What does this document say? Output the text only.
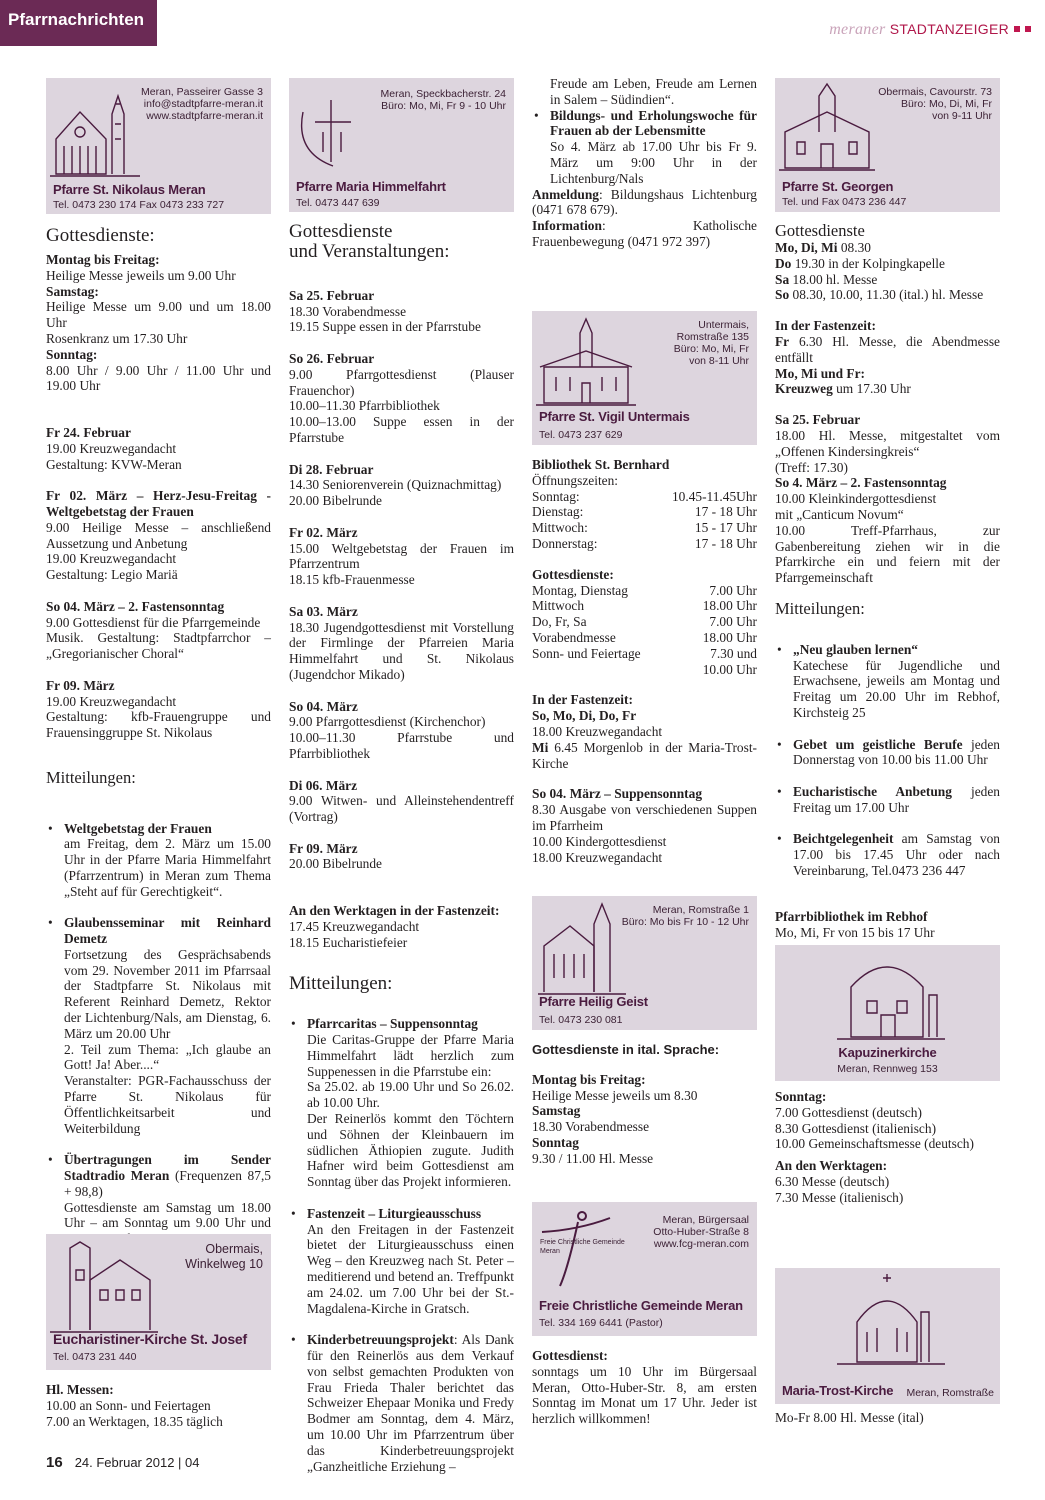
Pfarrnachrichten
meraner STADTANZEIGER
Meran, Passeirer Gasse 3
info@stadtpfarre-meran.it
www.stadtpfarre-meran.it
Pfarre St. Nikolaus Meran
Tel. 0473 230 174 Fax 0473 233 727
Gottesdienste:
Montag bis Freitag:
Heilige Messe jeweils um 9.00 Uhr
Samstag:
Heilige Messe um 9.00 und um 18.00 Uhr
Rosenkranz um 17.30 Uhr
Sonntag:
8.00 Uhr / 9.00 Uhr / 11.00 Uhr und 19.00 Uhr

Fr 24. Februar
19.00 Kreuzwegandacht
Gestaltung: KVW-Meran

Fr 02. März – Herz-Jesu-Freitag - Weltgebetstag der Frauen
9.00 Heilige Messe – anschließend Aussetzung und Anbetung
19.00 Kreuzwegandacht
Gestaltung: Legio Mariä

So 04. März – 2. Fastensonntag
9.00 Gottesdienst für die Pfarrgemeinde
Musik. Gestaltung: Stadtpfarrchor – „Gregorianischer Choral“

Fr 09. März
19.00 Kreuzwegandacht
Gestaltung: kfb-Frauengruppe und Frauensinggruppe St. Nikolaus

Mitteilungen:

• Weltgebetstag der Frauen
am Freitag, dem 2. März um 15.00 Uhr in der Pfarre Maria Himmelfahrt (Pfarrzentrum) in Meran zum Thema „Steht auf für Gerechtigkeit“.

• Glaubensseminar mit Reinhard Demetz
Fortsetzung des Gesprächsabends vom 29. November 2011 im Pfarrsaal der Stadtpfarre St. Nikolaus mit Referent Reinhard Demetz, Rektor der Lichtenburg/Nals, am Dienstag, 6. März um 20.00 Uhr
2. Teil zum Thema: „Ich glaube an Gott! Ja! Aber....“
Veranstalter: PGR-Fachausschuss der Pfarre St. Nikolaus für Öffentlichkeitsarbeit und Weiterbildung

• Übertragungen im Sender Stadtradio Meran (Frequenzen 87,5 + 98,8)
Gottesdienste am Samstag um 18.00 Uhr – am Sonntag um 9.00 Uhr und

Obermais,
Winkelweg 10
Eucharistiner-Kirche St. Josef
Tel. 0473 231 440
Hl. Messen:
10.00 an Sonn- und Feiertagen
7.00 an Werktagen, 18.35 täglich
Meran, Speckbacherstr. 24
Büro: Mo, Mi, Fr 9 - 10 Uhr
Pfarre Maria Himmelfahrt
Tel. 0473 447 639
Gottesdienste
und Veranstaltungen:

Sa 25. Februar
18.30 Vorabendmesse
19.15 Suppe essen in der Pfarrstube

So 26. Februar
9.00 Pfarrgottesdienst (Plauser Frauenchor)
10.00–11.30 Pfarrbibliothek
10.00–13.00 Suppe essen in der Pfarrstube

Di 28. Februar
14.30 Seniorenverein (Quiznachmittag)
20.00 Bibelrunde

Fr 02. März
15.00 Weltgebetstag der Frauen im Pfarrzentrum
18.15 kfb-Frauenmesse

Sa 03. März
18.30 Jugendgottesdienst mit Vorstellung der Firmlinge der Pfarreien Maria Himmelfahrt und St. Nikolaus (Jugendchor Mikado)

So 04. März
9.00 Pfarrgottesdienst (Kirchenchor)
10.00–11.30 Pfarrstube und Pfarrbibliothek

Di 06. März
9.00 Witwen- und Alleinstehendentreff (Vortrag)

Fr 09. März
20.00 Bibelrunde

An den Werktagen in der Fastenzeit:
17.45 Kreuzwegandacht
18.15 Eucharistiefeier
Mitteilungen:

• Pfarrcaritas – Suppensonntag
Die Caritas-Gruppe der Pfarre Maria Himmelfahrt lädt herzlich zum Suppenessen in die Pfarrstube ein:
Sa 25.02. ab 19.00 Uhr und So 26.02. ab 10.00 Uhr.
Der Reinerlös kommt den Töchtern und Söhnen der Kleinbauern im südlichen Äthiopien zugute. Judith Hafner wird beim Gottesdienst am Sonntag über das Projekt informieren.

• Fastenzeit – Liturgieausschuss
An den Freitagen in der Fastenzeit bietet der Liturgieausschuss einen Weg – den Kreuzweg nach St. Peter – meditierend und betend an. Treffpunkt am 24.02. um 7.00 Uhr bei der St.-Magdalena-Kirche in Gratsch.

• Kinderbetreuungsprojekt: Als Dank für den Reinerlös aus dem Verkauf von selbst gemachten Produkten von Frau Frieda Thaler berichtet das Schweizer Ehepaar Monika und Fredy Bodmer am Sonntag, dem 4. März, um 10.00 Uhr im Pfarrzentrum über das Kinderbetreuungsprojekt „Ganzheitliche Erziehung –

Freude am Leben, Freude am Lernen in Salem – Südindien“.
• Bildungs- und Erholungswoche für Frauen ab der Lebensmitte
So 4. März ab 17.00 Uhr bis Fr 9. März um 9:00 Uhr in der Lichtenburg/Nals
Anmeldung: Bildungshaus Lichtenburg (0471 678 679).
Information: Katholische Frauenbewegung (0471 972 397)
Untermais,
Romstraße 135
Büro: Mo, Mi, Fr
von 8-11 Uhr
Pfarre St. Vigil Untermais
Tel. 0473 237 629
Bibliothek St. Bernhard
Öffnungszeiten:
Sonntag:	10.45-11.45Uhr
Dienstag:	17 - 18 Uhr
Mittwoch:	15 - 17 Uhr
Donnerstag:	17 - 18 Uhr
Gottesdienste:
Montag, Dienstag	7.00 Uhr
Mittwoch	18.00 Uhr
Do, Fr, Sa	7.00 Uhr
Vorabendmesse	18.00 Uhr
Sonn- und Feiertage	7.30 und
	10.00 Uhr
In der Fastenzeit:
So, Mo, Di, Do, Fr
18.00 Kreuzwegandacht
Mi 6.45 Morgenlob in der Maria-Trost-Kirche
So 04. März – Suppensonntag
8.30 Ausgabe von verschiedenen Suppen im Pfarrheim
10.00 Kindergottesdienst
18.00 Kreuzwegandacht
Meran, Romstraße 1
Büro: Mo bis Fr 10 - 12 Uhr
Pfarre Heilig Geist
Tel. 0473 230 081
Gottesdienste in ital. Sprache:
Montag bis Freitag:
Heilige Messe jeweils um 8.30
Samstag
18.30 Vorabendmesse
Sonntag
9.30 / 11.00 Hl. Messe
Freie Christliche Gemeinde
Meran
Meran, Bürgersaal
Otto-Huber-Straße 8
www.fcg-meran.com
Freie Christliche Gemeinde Meran
Tel. 334 169 6441 (Pastor)
Gottesdienst:
sonntags um 10 Uhr im Bürgersaal Meran, Otto-Huber-Str. 8, am ersten Sonntag im Monat um 17 Uhr. Jeder ist herzlich willkommen!
Obermais, Cavourstr. 73
Büro: Mo, Di, Mi, Fr
von 9-11 Uhr
Pfarre St. Georgen
Tel. und Fax 0473 236 447
Gottesdienste
Mo, Di, Mi 08.30
Do 19.30 in der Kolpingkapelle
Sa 18.00 hl. Messe
So 08.30, 10.00, 11.30 (ital.) hl. Messe
In der Fastenzeit:
Fr 6.30 Hl. Messe, die Abendmesse entfällt
Mo, Mi und Fr:
Kreuzweg um 17.30 Uhr
Sa 25. Februar
18.00 Hl. Messe, mitgestaltet vom „Offenen Kindersingkreis“
(Treff: 17.30)
So 4. März – 2. Fastensonntag
10.00 Kleinkindergottesdienst
mit „Canticum Novum“
10.00 Treff-Pfarrhaus, zur Gabenbereitung ziehen wir in die Pfarrkirche ein und feiern mit der Pfarrgemeinschaft
Mitteilungen:

• „Neu glauben lernen“
Katechese für Jugendliche und Erwachsene, jeweils am Montag und Freitag um 20.00 Uhr im Rebhof, Kirchsteig 25

• Gebet um geistliche Berufe jeden Donnerstag von 10.00 bis 11.00 Uhr

• Eucharistische Anbetung jeden Freitag um 17.00 Uhr

• Beichtgelegenheit am Samstag von 17.00 bis 17.45 Uhr oder nach Vereinbarung, Tel.0473 236 447

Pfarrbibliothek im Rebhof
Mo, Mi, Fr von 15 bis 17 Uhr
Kapuzinerkirche
Meran, Rennweg 153
Sonntag:
7.00 Gottesdienst (deutsch)
8.30 Gottesdienst (italienisch)
10.00 Gemeinschaftsmesse (deutsch)
An den Werktagen:
6.30 Messe (deutsch)
7.30 Messe (italienisch)
Maria-Trost-Kirche Meran, Romstraße
Mo-Fr 8.00 Hl. Messe (ital)
16 24. Februar 2012 | 04
